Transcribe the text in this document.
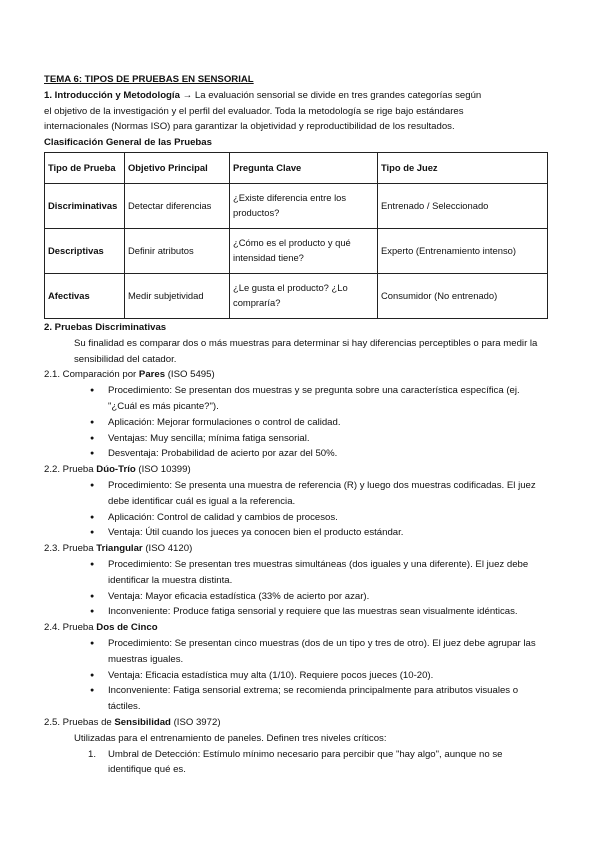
TEMA 6: TIPOS DE PRUEBAS EN SENSORIAL

1. Introducción y Metodología → La evaluación sensorial se divide en tres grandes categorías según

el objetivo de la investigación y el perfil del evaluador. Toda la metodología se rige bajo estándares

internacionales (Normas ISO) para garantizar la objetividad y reproductibilidad de los resultados.

Clasificación General de las Pruebas

Tipo de Prueba	Objetivo Principal	Pregunta Clave	Tipo de Juez
Discriminativas	Detectar diferencias	¿Existe diferencia entre los productos?	Entrenado / Seleccionado
Descriptivas	Definir atributos	¿Cómo es el producto y qué intensidad tiene?	Experto (Entrenamiento intenso)
Afectivas	Medir subjetividad	¿Le gusta el producto? ¿Lo compraría?	Consumidor (No entrenado)

2. Pruebas Discriminativas

Su finalidad es comparar dos o más muestras para determinar si hay diferencias perceptibles o para medir la sensibilidad del catador.

2.1. Comparación por Pares (ISO 5495)

● Procedimiento: Se presentan dos muestras y se pregunta sobre una característica específica (ej. "¿Cuál es más picante?").
● Aplicación: Mejorar formulaciones o control de calidad.
● Ventajas: Muy sencilla; mínima fatiga sensorial.
● Desventaja: Probabilidad de acierto por azar del 50%.

2.2. Prueba Dúo-Trío (ISO 10399)

● Procedimiento: Se presenta una muestra de referencia (R) y luego dos muestras codificadas. El juez debe identificar cuál es igual a la referencia.
● Aplicación: Control de calidad y cambios de procesos.
● Ventaja: Útil cuando los jueces ya conocen bien el producto estándar.

2.3. Prueba Triangular (ISO 4120)

● Procedimiento: Se presentan tres muestras simultáneas (dos iguales y una diferente). El juez debe identificar la muestra distinta.
● Ventaja: Mayor eficacia estadística (33% de acierto por azar).
● Inconveniente: Produce fatiga sensorial y requiere que las muestras sean visualmente idénticas.

2.4. Prueba Dos de Cinco

● Procedimiento: Se presentan cinco muestras (dos de un tipo y tres de otro). El juez debe agrupar las muestras iguales.
● Ventaja: Eficacia estadística muy alta (1/10). Requiere pocos jueces (10-20).
● Inconveniente: Fatiga sensorial extrema; se recomienda principalmente para atributos visuales o táctiles.

2.5. Pruebas de Sensibilidad (ISO 3972)

Utilizadas para el entrenamiento de paneles. Definen tres niveles críticos:

1. Umbral de Detección: Estímulo mínimo necesario para percibir que "hay algo", aunque no se identifique qué es.
